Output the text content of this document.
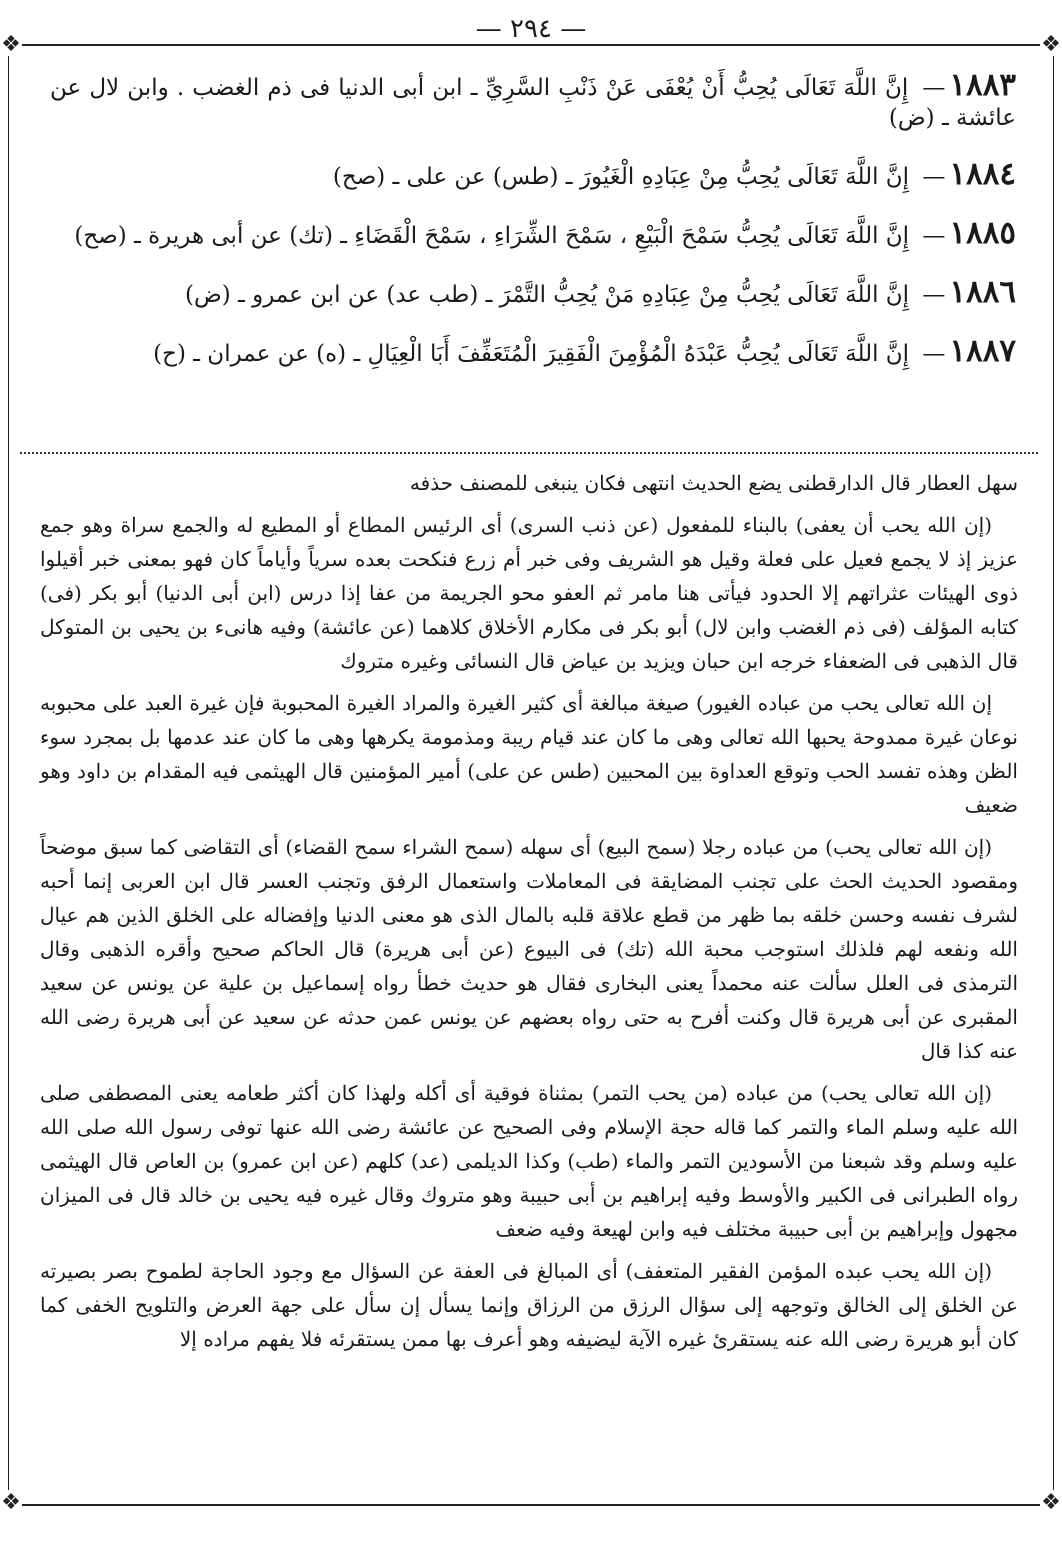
— ٢٩٤ —
❖	❖
❖	❖

١٨٨٣— إِنَّ اللَّهَ تَعَالَى يُحِبُّ أَنْ يُعْفَى عَنْ ذَنْبِ السَّرِيِّ ـ ابن أبى الدنيا فى ذم الغضب . وابن لال عن عائشة ـ (ض)

١٨٨٤— إِنَّ اللَّهَ تَعَالَى يُحِبُّ مِنْ عِبَادِهِ الْغَيُورَ ـ (طس) عن على ـ (صح)

١٨٨٥— إِنَّ اللَّهَ تَعَالَى يُحِبُّ سَمْحَ الْبَيْعِ ، سَمْحَ الشِّرَاءِ ، سَمْحَ الْقَضَاءِ ـ (تك) عن أبى هريرة ـ (صح)

١٨٨٦— إِنَّ اللَّهَ تَعَالَى يُحِبُّ مِنْ عِبَادِهِ مَنْ يُحِبُّ التَّمْرَ ـ (طب عد) عن ابن عمرو ـ (ض)

١٨٨٧— إِنَّ اللَّهَ تَعَالَى يُحِبُّ عَبْدَهُ الْمُؤْمِنَ الْفَقِيرَ الْمُتَعَفِّفَ أَبَا الْعِيَالِ ـ (ه) عن عمران ـ (ح)

سهل العطار قال الدارقطنى يضع الحديث انتهى فكان ينبغى للمصنف حذفه

(إن الله يحب أن يعفى) بالبناء للمفعول (عن ذنب السرى) أى الرئيس المطاع أو المطيع له والجمع سراة وهو جمع عزيز إذ لا يجمع فعيل على فعلة وقيل هو الشريف وفى خبر أم زرع فنكحت بعده سرياً وأياماً كان فهو بمعنى خبر أقيلوا ذوى الهيئات عثراتهم إلا الحدود فيأتى هنا مامر ثم العفو محو الجريمة من عفا إذا درس (ابن أبى الدنيا) أبو بكر (فى) كتابه المؤلف (فى ذم الغضب وابن لال) أبو بكر فى مكارم الأخلاق كلاهما (عن عائشة) وفيه هانىء بن يحيى بن المتوكل قال الذهبى فى الضعفاء خرجه ابن حبان ويزيد بن عياض قال النسائى وغيره متروك

إن الله تعالى يحب من عباده الغيور) صيغة مبالغة أى كثير الغيرة والمراد الغيرة المحبوبة فإن غيرة العبد على محبوبه نوعان غيرة ممدوحة يحبها الله تعالى وهى ما كان عند قيام ريبة ومذمومة يكرهها وهى ما كان عند عدمها بل بمجرد سوء الظن وهذه تفسد الحب وتوقع العداوة بين المحبين (طس عن على) أمير المؤمنين قال الهيثمى فيه المقدام بن داود وهو ضعيف

(إن الله تعالى يحب) من عباده رجلا (سمح البيع) أى سهله (سمح الشراء سمح القضاء) أى التقاضى كما سبق موضحاً ومقصود الحديث الحث على تجنب المضايقة فى المعاملات واستعمال الرفق وتجنب العسر قال ابن العربى إنما أحبه لشرف نفسه وحسن خلقه بما ظهر من قطع علاقة قلبه بالمال الذى هو معنى الدنيا وإفضاله على الخلق الذين هم عيال الله ونفعه لهم فلذلك استوجب محبة الله (تك) فى البيوع (عن أبى هريرة) قال الحاكم صحيح وأقره الذهبى وقال الترمذى فى العلل سألت عنه محمداً يعنى البخارى فقال هو حديث خطأ رواه إسماعيل بن علية عن يونس عن سعيد المقبرى عن أبى هريرة قال وكنت أفرح به حتى رواه بعضهم عن يونس عمن حدثه عن سعيد عن أبى هريرة رضى الله عنه كذا قال

(إن الله تعالى يحب) من عباده (من يحب التمر) بمثناة فوقية أى أكله ولهذا كان أكثر طعامه يعنى المصطفى صلى الله عليه وسلم الماء والتمر كما قاله حجة الإسلام وفى الصحيح عن عائشة رضى الله عنها توفى رسول الله صلى الله عليه وسلم وقد شبعنا من الأسودين التمر والماء (طب) وكذا الديلمى (عد) كلهم (عن ابن عمرو) بن العاص قال الهيثمى رواه الطبرانى فى الكبير والأوسط وفيه إبراهيم بن أبى حبيبة وهو متروك وقال غيره فيه يحيى بن خالد قال فى الميزان مجهول وإبراهيم بن أبى حبيبة مختلف فيه وابن لهيعة وفيه ضعف

(إن الله يحب عبده المؤمن الفقير المتعفف) أى المبالغ فى العفة عن السؤال مع وجود الحاجة لطموح بصر بصيرته عن الخلق إلى الخالق وتوجهه إلى سؤال الرزق من الرزاق وإنما يسأل إن سأل على جهة العرض والتلويح الخفى كما كان أبو هريرة رضى الله عنه يستقرئ غيره الآية ليضيفه وهو أعرف بها ممن يستقرئه فلا يفهم مراده إلا
